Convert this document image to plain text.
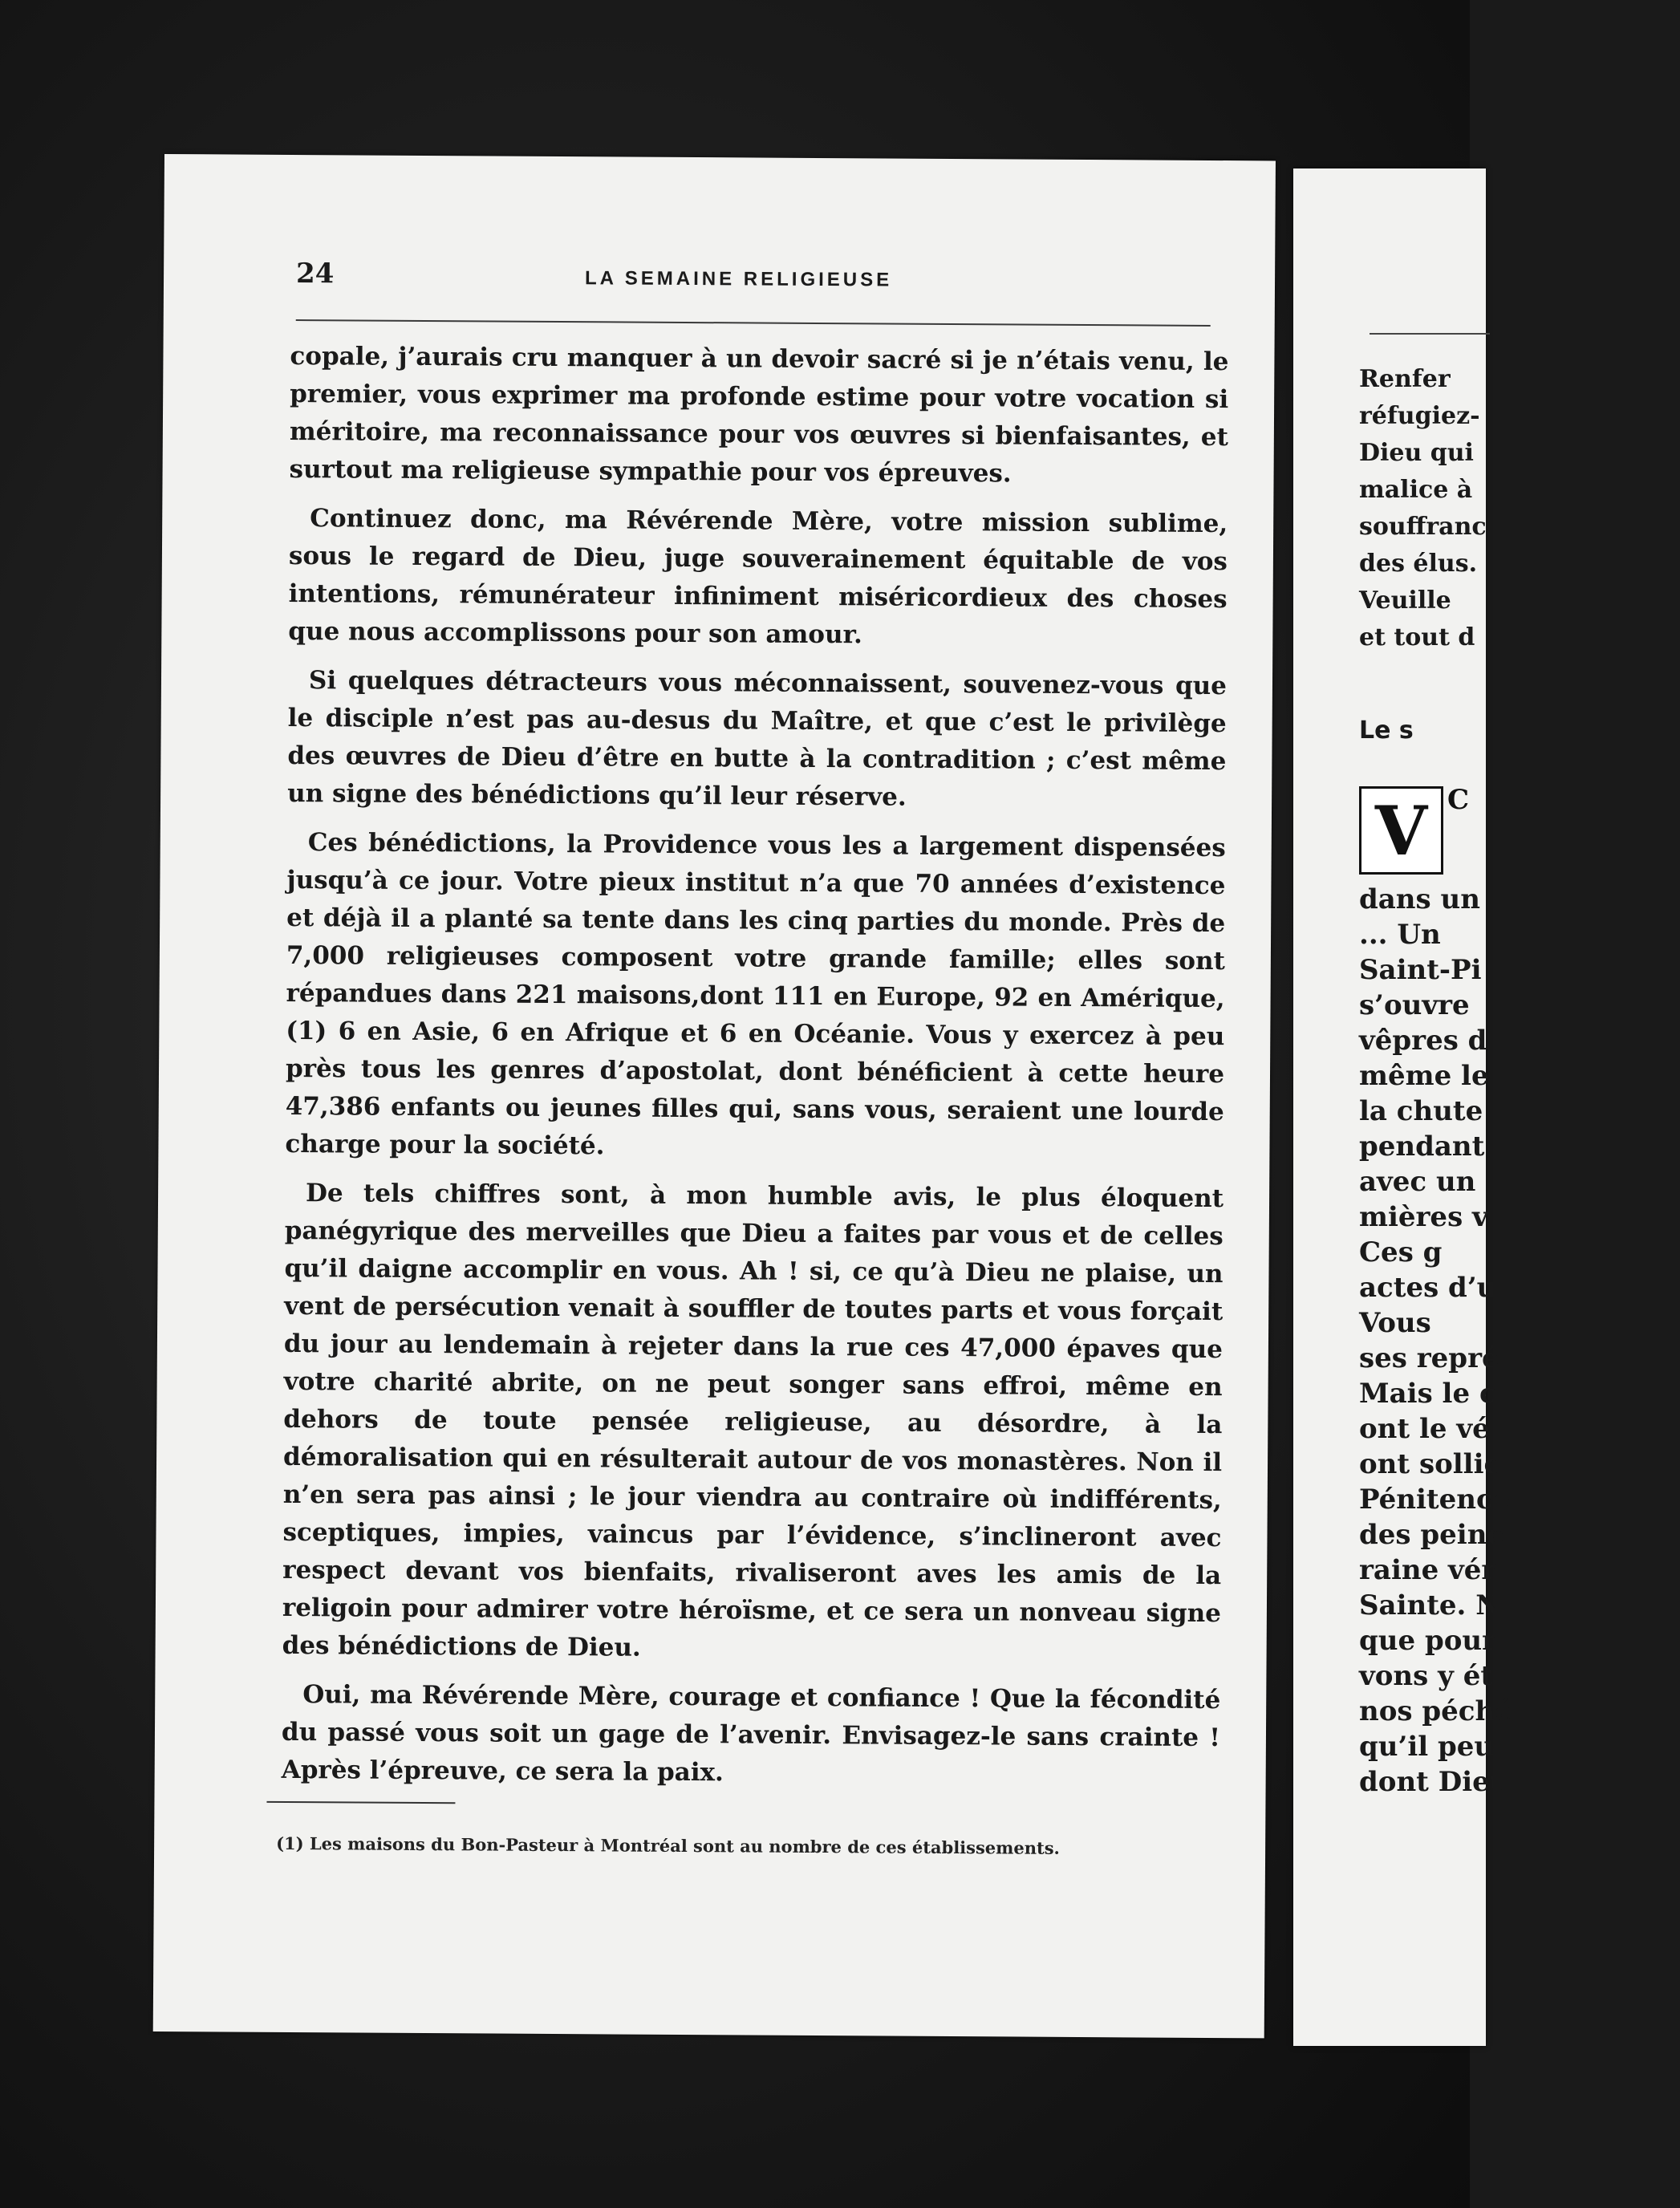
24	LA SEMAINE RELIGIEUSE

copale, j’aurais cru manquer à un devoir sacré si je n’étais venu, le premier, vous exprimer ma profonde estime pour votre vocation si méritoire, ma reconnaissance pour vos œuvres si bienfaisantes, et surtout ma religieuse sympathie pour vos épreuves.

Continuez donc, ma Révérende Mère, votre mission sublime, sous le regard de Dieu, juge souverainement équitable de vos intentions, rémunérateur infiniment miséricordieux des choses que nous accomplissons pour son amour.

Si quelques détracteurs vous méconnaissent, souvenez-vous que le disciple n’est pas au-desus du Maître, et que c’est le privilège des œuvres de Dieu d’être en butte à la contradition ; c’est même un signe des bénédictions qu’il leur réserve.

Ces bénédictions, la Providence vous les a largement dispensées jusqu’à ce jour. Votre pieux institut n’a que 70 années d’existence et déjà il a planté sa tente dans les cinq parties du monde. Près de 7,000 religieuses composent votre grande famille; elles sont répandues dans 221 maisons,dont 111 en Europe, 92 en Amérique, (1) 6 en Asie, 6 en Afrique et 6 en Océanie. Vous y exercez à peu près tous les genres d’apostolat, dont bénéficient à cette heure 47,386 enfants ou jeunes filles qui, sans vous, seraient une lourde charge pour la société.

De tels chiffres sont, à mon humble avis, le plus éloquent panégyrique des merveilles que Dieu a faites par vous et de celles qu’il daigne accomplir en vous. Ah ! si, ce qu’à Dieu ne plaise, un vent de persécution venait à souffler de toutes parts et vous forçait du jour au lendemain à rejeter dans la rue ces 47,000 épaves que votre charité abrite, on ne peut songer sans effroi, même en dehors de toute pensée religieuse, au désordre, à la démoralisation qui en résulterait autour de vos monastères. Non il n’en sera pas ainsi ; le jour viendra au contraire où indifférents, sceptiques, impies, vaincus par l’évidence, s’inclineront avec respect devant vos bienfaits, rivaliseront aves les amis de la religoin pour admirer votre héroïsme, et ce sera un nonveau signe des bénédictions de Dieu.

Oui, ma Révérende Mère, courage et confiance ! Que la fécondité du passé vous soit un gage de l’avenir. Envisagez-le sans crainte ! Après l’épreuve, ce sera la paix.

(1) Les maisons du Bon-Pasteur à Montréal sont au nombre de ces établissements.
Renfer
réfugiez-
Dieu qui
malice à
souffranc
des élus.
Veuille
et tout d
Le s
V C
dans un
... Un
Saint-Pi
s’ouvre
vêpres d
même le
la chute
pendant
avec un
mières v
Ces g
actes d’u
Vous
ses repré
Mais le c
ont le vé
ont sollic
Pénitence
des peine
raine vér
Sainte. N
que pour
vons y ét
nos péché
qu’il peu
dont Dieu
